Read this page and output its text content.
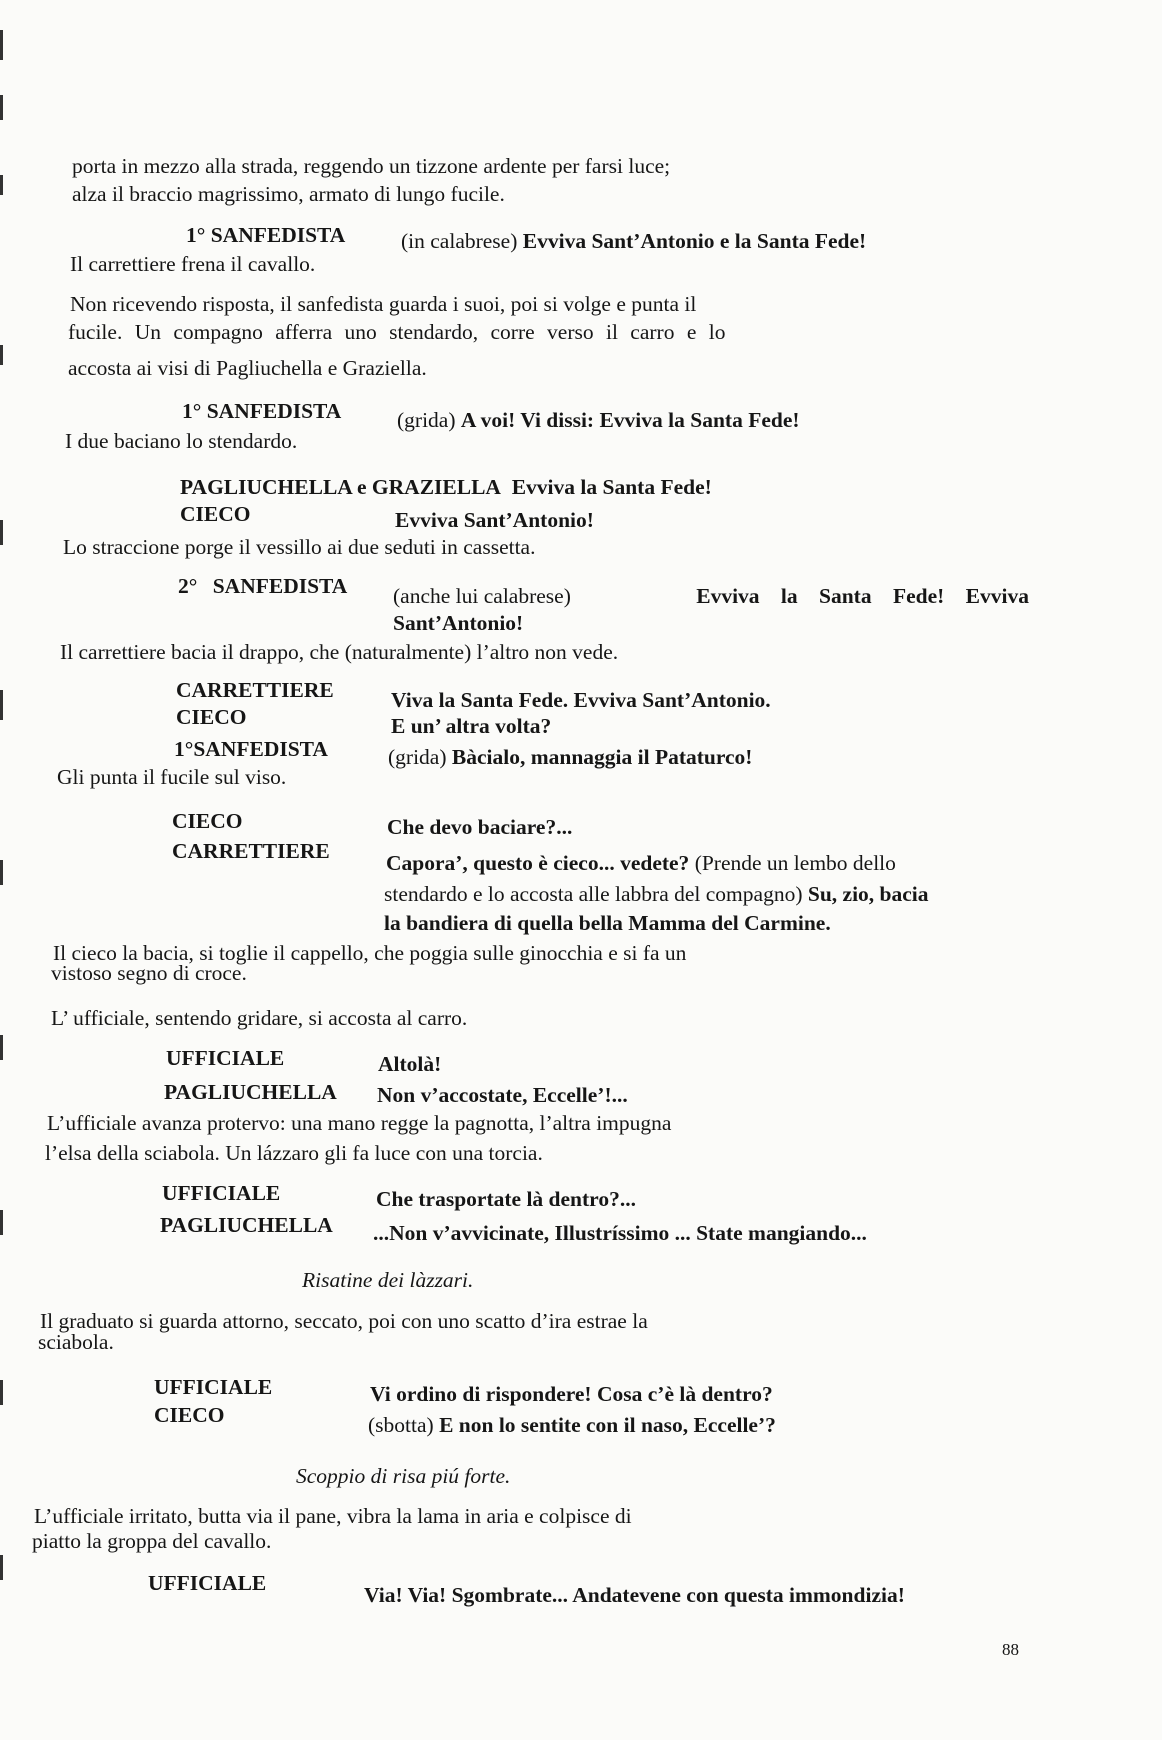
porta in mezzo alla strada, reggendo un tizzone ardente per farsi luce;
alza il braccio magrissimo, armato di lungo fucile.
1° SANFEDISTA	(in calabrese) Evviva Sant’Antonio e la Santa Fede!
Il carrettiere frena il cavallo.
Non ricevendo risposta, il sanfedista guarda i suoi, poi si volge e punta il
fucile. Un compagno afferra uno stendardo, corre verso il carro e lo
accosta ai visi di Pagliuchella e Graziella.
1° SANFEDISTA	(grida) A voi! Vi dissi: Evviva la Santa Fede!
I due baciano lo stendardo.
PAGLIUCHELLA e GRAZIELLA Evviva la Santa Fede!
CIECO	Evviva Sant’Antonio!
Lo straccione porge il vessillo ai due seduti in cassetta.
2° SANFEDISTA (anche lui calabrese)	Evviva la Santa Fede! Evviva
Sant’Antonio!
Il carrettiere bacia il drappo, che (naturalmente) l’altro non vede.
CARRETTIERE	Viva la Santa Fede. Evviva Sant’Antonio.
CIECO	E un’ altra volta?
1°SANFEDISTA	(grida) Bàcialo, mannaggia il Pataturco!
Gli punta il fucile sul viso.
CIECO	Che devo baciare?...
CARRETTIERE	Capora’, questo è cieco... vedete? (Prende un lembo dello
stendardo e lo accosta alle labbra del compagno) Su, zio, bacia
la bandiera di quella bella Mamma del Carmine.
Il cieco la bacia, si toglie il cappello, che poggia sulle ginocchia e si fa un
vistoso segno di croce.
L’ ufficiale, sentendo gridare, si accosta al carro.
UFFICIALE	Altolà!
PAGLIUCHELLA Non v’accostate, Eccelle’!...
L’ufficiale avanza protervo: una mano regge la pagnotta, l’altra impugna
l’elsa della sciabola. Un lázzaro gli fa luce con una torcia.
UFFICIALE	Che trasportate là dentro?...
PAGLIUCHELLA ...Non v’avvicinate, Illustríssimo ... State mangiando...
Risatine dei làzzari.
Il graduato si guarda attorno, seccato, poi con uno scatto d’ira estrae la
sciabola.
UFFICIALE	Vi ordino di rispondere! Cosa c’è là dentro?
CIECO	(sbotta) E non lo sentite con il naso, Eccelle’?
Scoppio di risa piú forte.
L’ufficiale irritato, butta via il pane, vibra la lama in aria e colpisce di
piatto la groppa del cavallo.
UFFICIALE	Via! Via! Sgombrate... Andatevene con questa immondizia!
88
